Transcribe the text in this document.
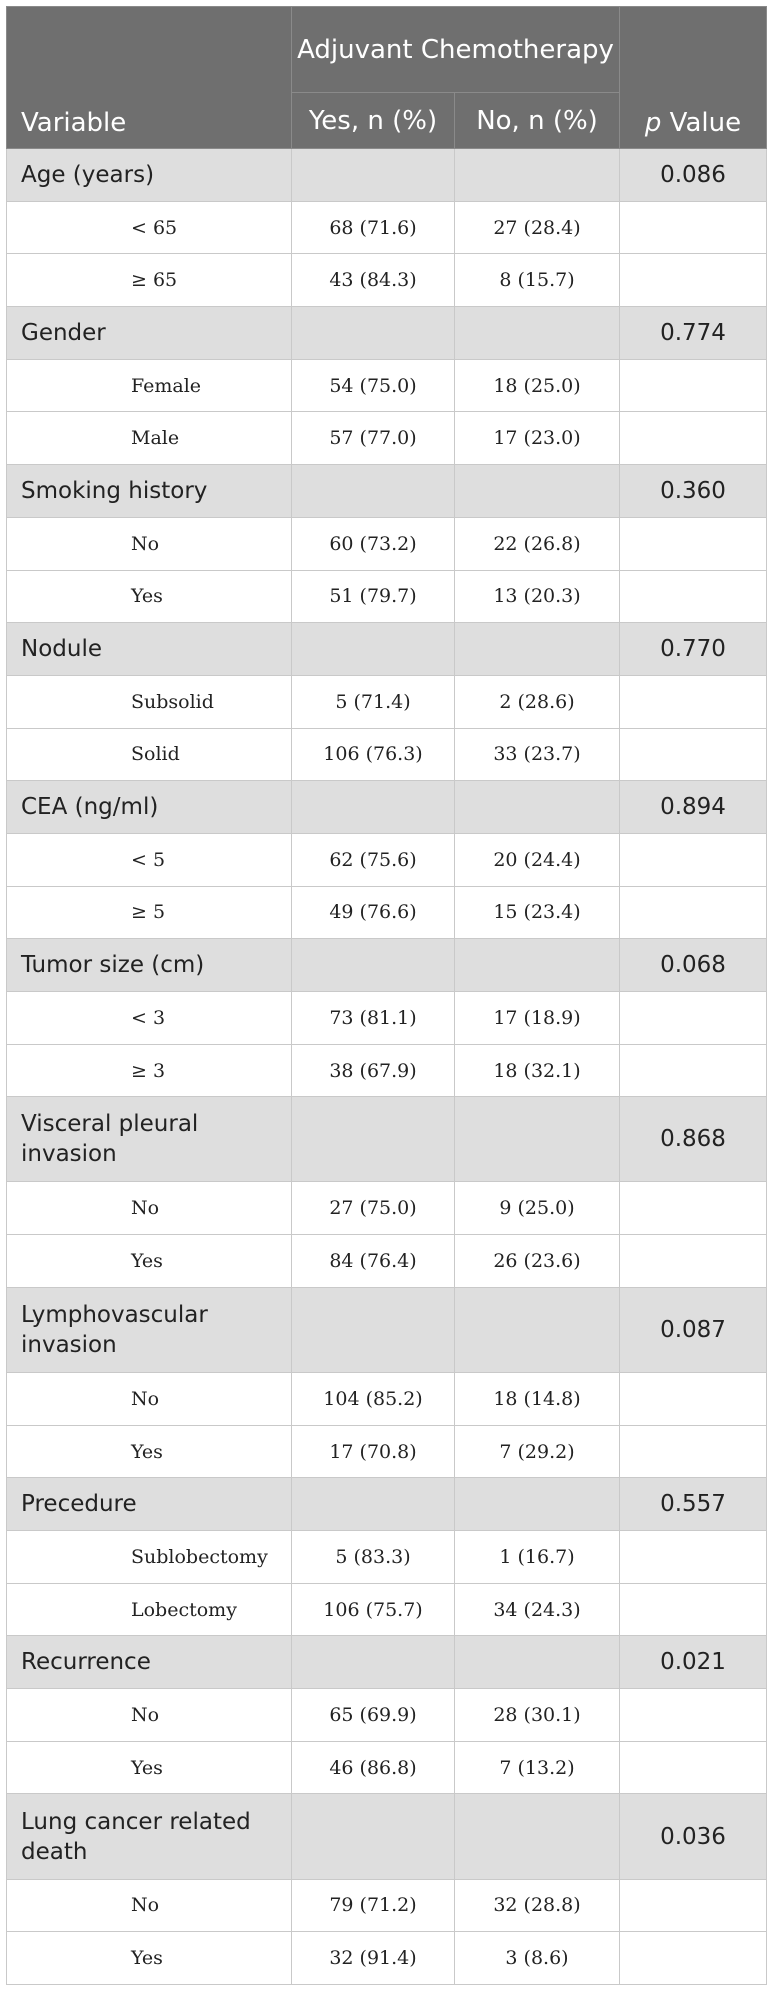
Variable	Adjuvant Chemotherapy		p Value
	Yes, n (%)	No, n (%)	
Age (years)			0.086
< 65	68 (71.6)	27 (28.4)	
≥ 65	43 (84.3)	8 (15.7)	
Gender			0.774
Female	54 (75.0)	18 (25.0)	
Male	57 (77.0)	17 (23.0)	
Smoking history			0.360
No	60 (73.2)	22 (26.8)	
Yes	51 (79.7)	13 (20.3)	
Nodule			0.770
Subsolid	5 (71.4)	2 (28.6)	
Solid	106 (76.3)	33 (23.7)	
CEA (ng/ml)			0.894
< 5	62 (75.6)	20 (24.4)	
≥ 5	49 (76.6)	15 (23.4)	
Tumor size (cm)			0.068
< 3	73 (81.1)	17 (18.9)	
≥ 3	38 (67.9)	18 (32.1)	
Visceral pleural invasion			0.868
No	27 (75.0)	9 (25.0)	
Yes	84 (76.4)	26 (23.6)	
Lymphovascular invasion			0.087
No	104 (85.2)	18 (14.8)	
Yes	17 (70.8)	7 (29.2)	
Precedure			0.557
Sublobectomy	5 (83.3)	1 (16.7)	
Lobectomy	106 (75.7)	34 (24.3)	
Recurrence			0.021
No	65 (69.9)	28 (30.1)	
Yes	46 (86.8)	7 (13.2)	
Lung cancer related death			0.036
No	79 (71.2)	32 (28.8)	
Yes	32 (91.4)	3 (8.6)	
